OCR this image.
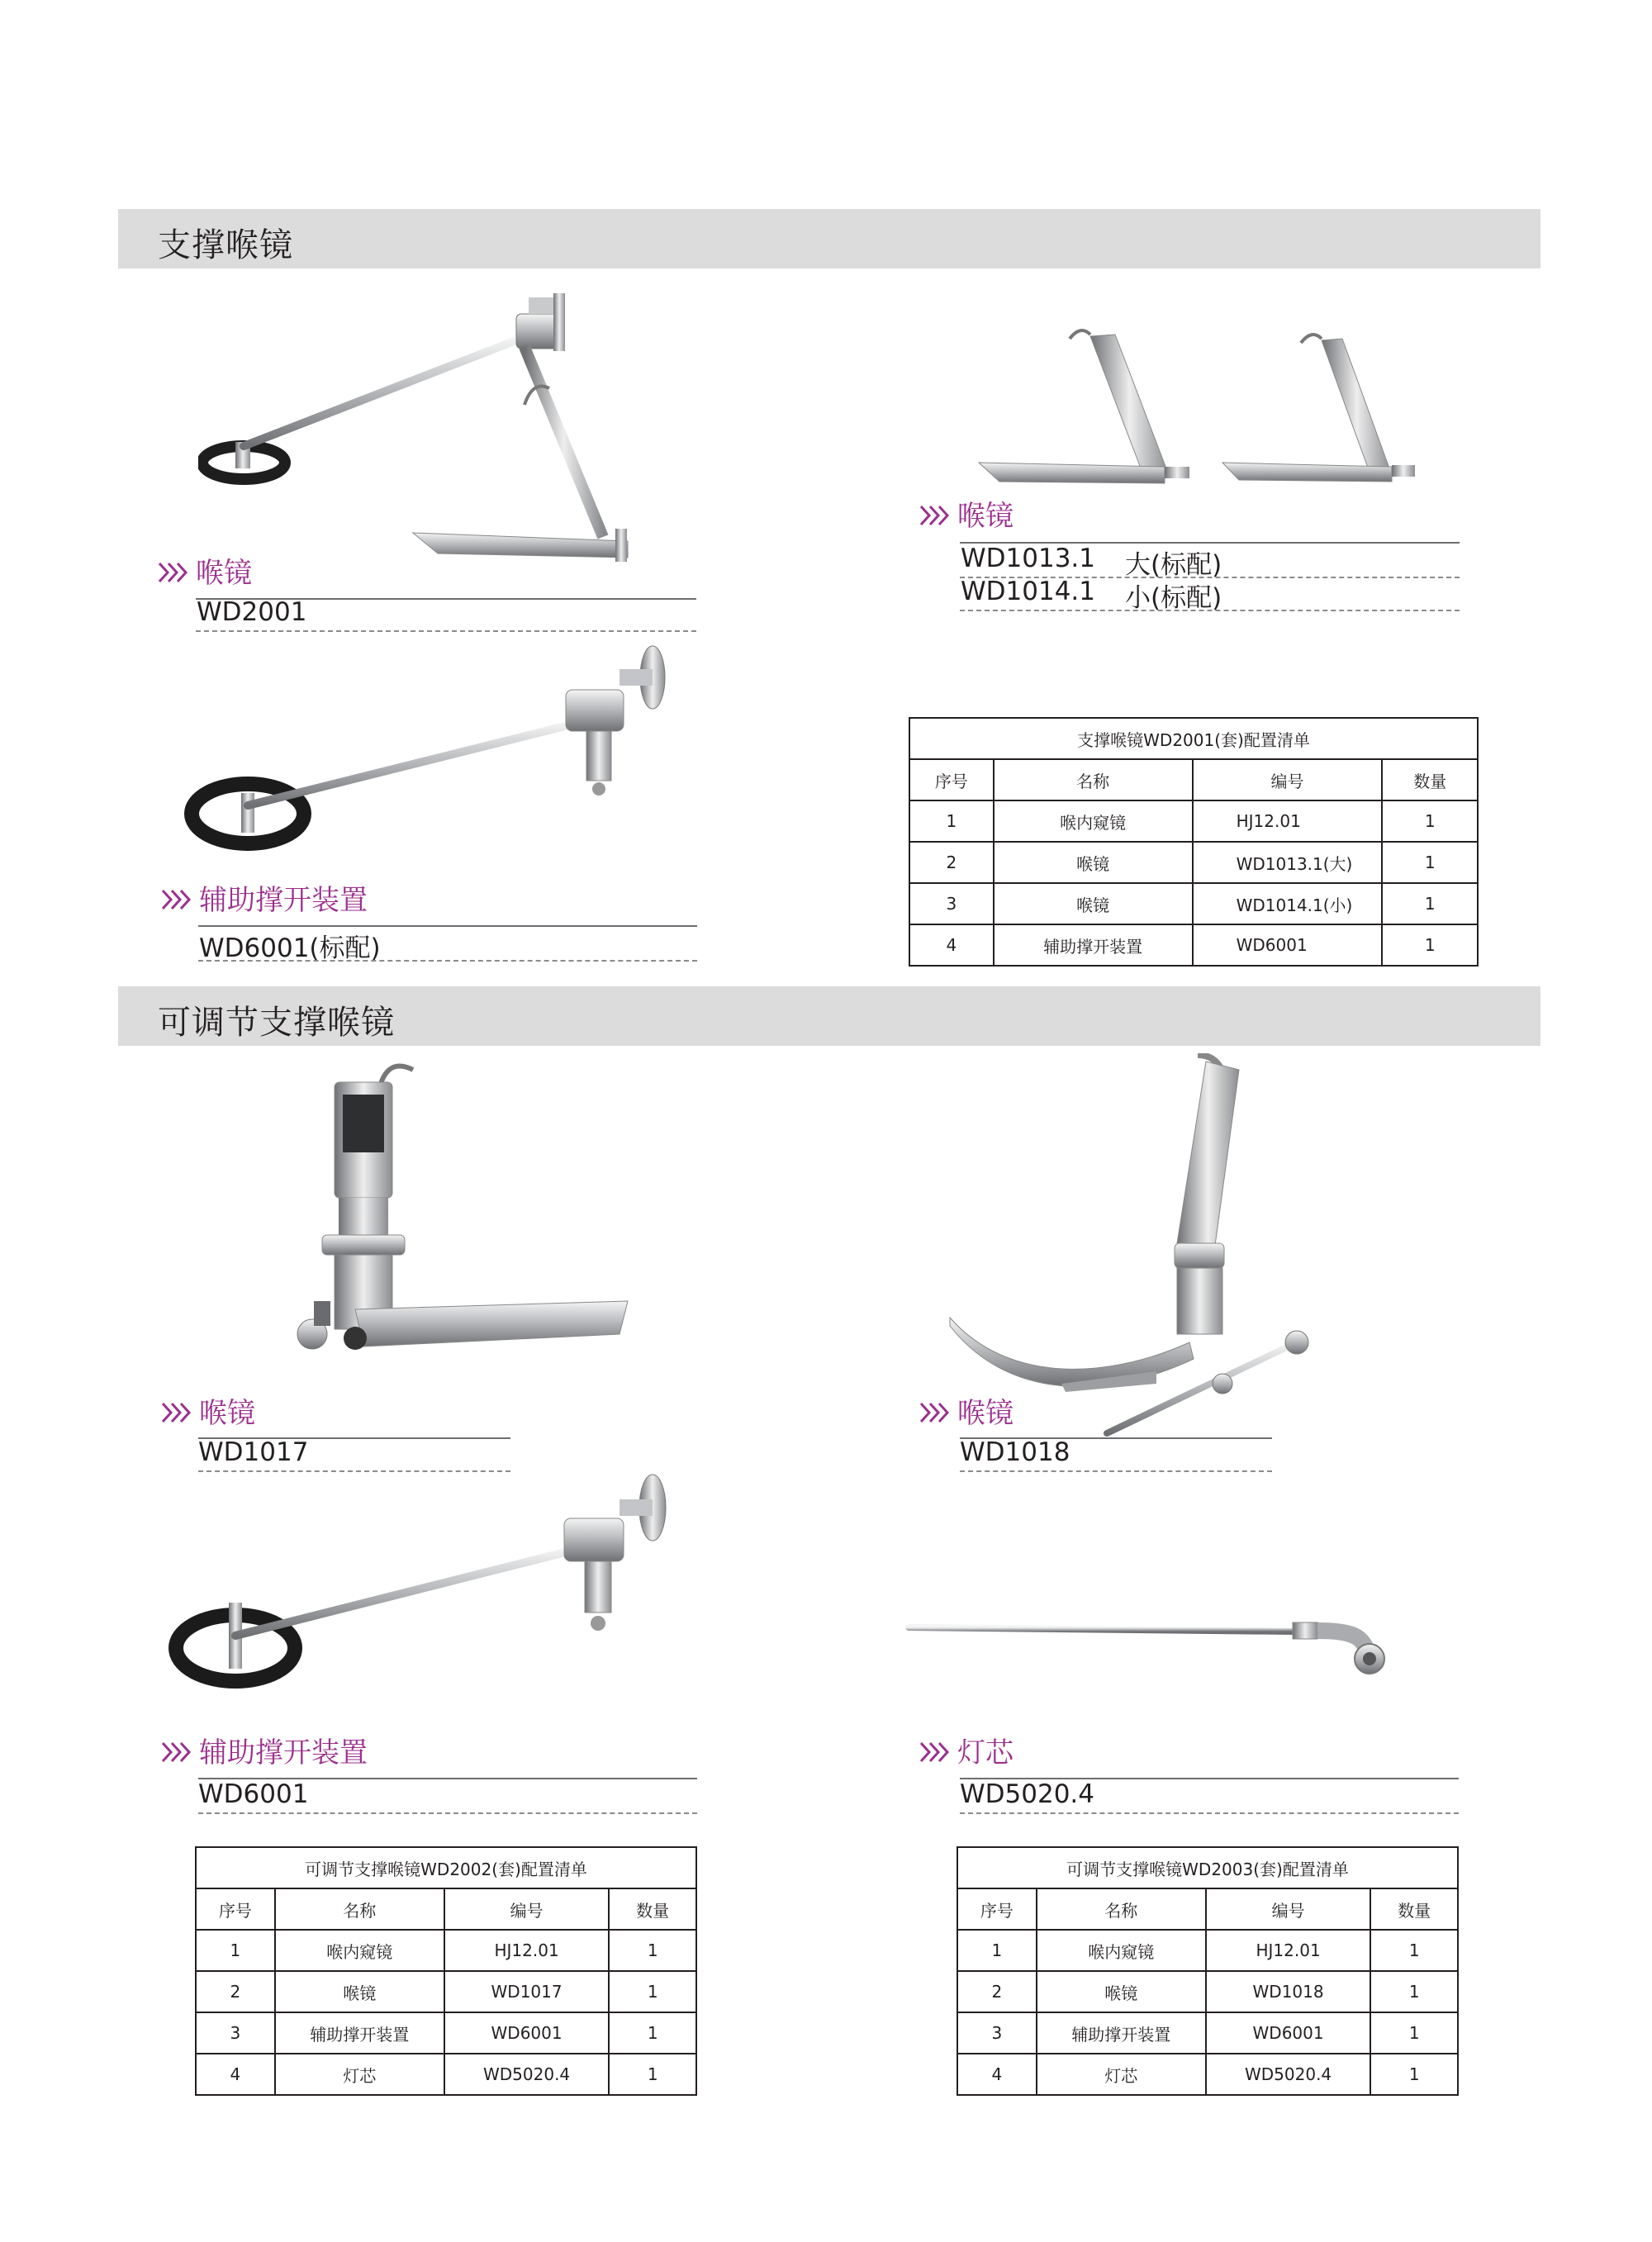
支撑喉镜
喉镜
WD2001
喉镜
WD1013.1 大(标配)
WD1014.1 小(标配)
辅助撑开装置
WD6001(标配)
支撑喉镜WD2001(套)配置清单			
序号	名称	编号	数量
1	喉内窥镜	HJ12.01	1
2	喉镜	WD1013.1(大)	1
3	喉镜	WD1014.1(小)	1
4	辅助撑开装置	WD6001	1
可调节支撑喉镜
喉镜
WD1017
喉镜
WD1018
辅助撑开装置
WD6001
灯芯
WD5020.4
可调节支撑喉镜WD2002(套)配置清单			
序号	名称	编号	数量
1	喉内窥镜	HJ12.01	1
2	喉镜	WD1017	1
3	辅助撑开装置	WD6001	1
4	灯芯	WD5020.4	1
可调节支撑喉镜WD2003(套)配置清单			
序号	名称	编号	数量
1	喉内窥镜	HJ12.01	1
2	喉镜	WD1018	1
3	辅助撑开装置	WD6001	1
4	灯芯	WD5020.4	1
